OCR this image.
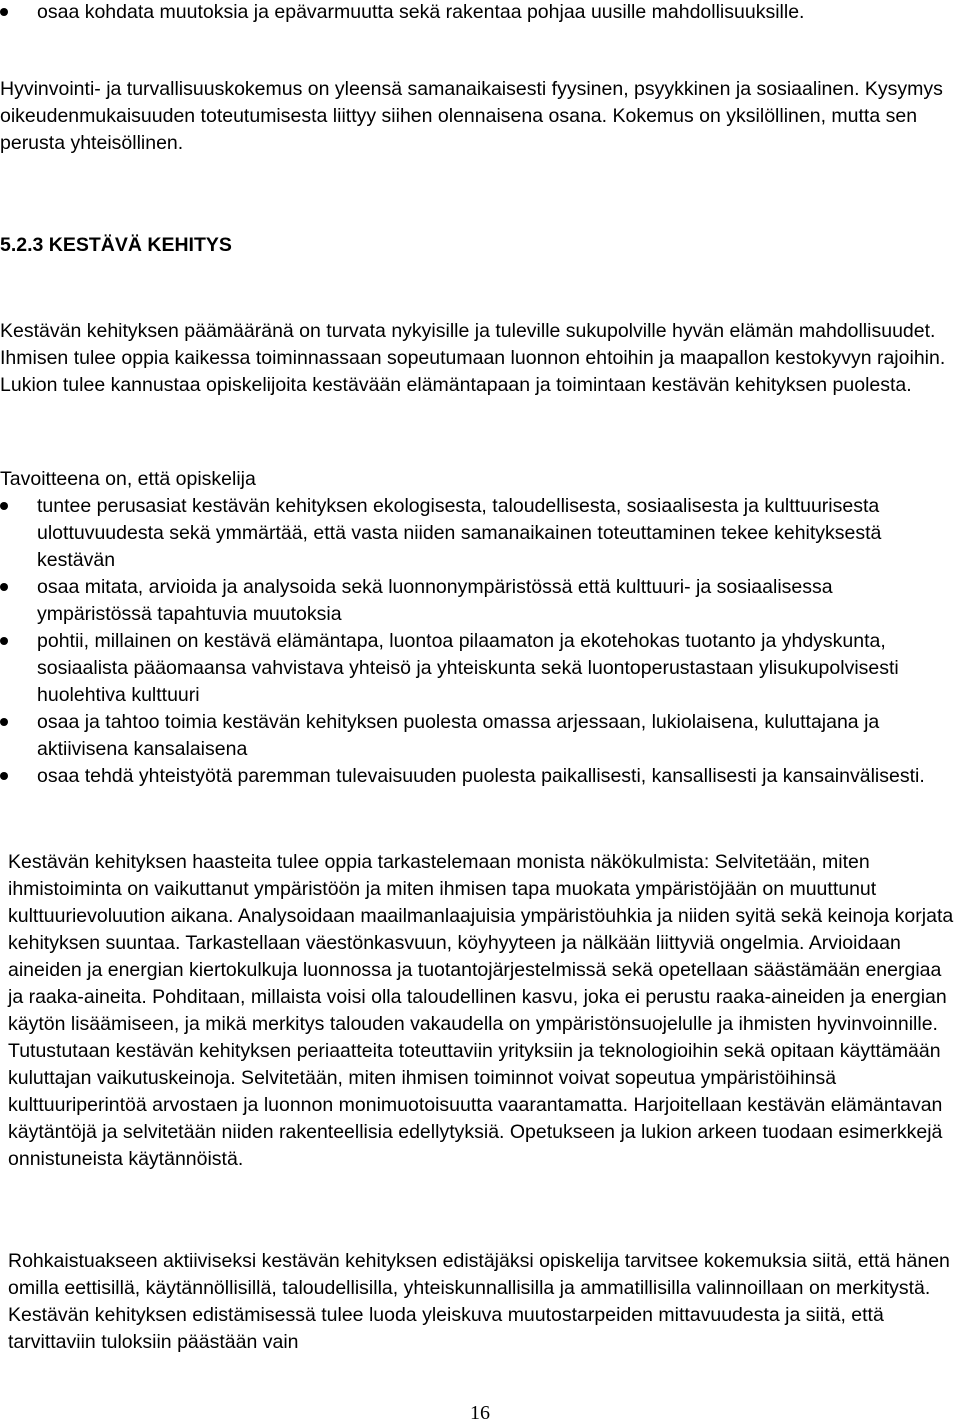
osaa kohdata muutoksia ja epävarmuutta sekä rakentaa pohjaa uusille mahdollisuuksille.
Hyvinvointi- ja turvallisuuskokemus on yleensä samanaikaisesti fyysinen, psyykkinen ja sosiaalinen. Kysymys oikeudenmukaisuuden toteutumisesta liittyy siihen olennaisena osana. Kokemus on yksilöllinen, mutta sen perusta yhteisöllinen.
5.2.3 KESTÄVÄ KEHITYS
Kestävän kehityksen päämääränä on turvata nykyisille ja tuleville sukupolville hyvän elämän mahdollisuudet. Ihmisen tulee oppia kaikessa toiminnassaan sopeutumaan luonnon ehtoihin ja maapallon kestokyvyn rajoihin. Lukion tulee kannustaa opiskelijoita kestävään elämäntapaan ja toimintaan kestävän kehityksen puolesta.
Tavoitteena on, että opiskelija
tuntee perusasiat kestävän kehityksen ekologisesta, taloudellisesta, sosiaalisesta ja kulttuurisesta ulottuvuudesta sekä ymmärtää, että vasta niiden samanaikainen toteuttaminen tekee kehityksestä kestävän
osaa mitata, arvioida ja analysoida sekä luonnonympäristössä että kulttuuri- ja sosiaalisessa ympäristössä tapahtuvia muutoksia
pohtii, millainen on kestävä elämäntapa, luontoa pilaamaton ja ekotehokas tuotanto ja yhdyskunta, sosiaalista pääomaansa vahvistava yhteisö ja yhteiskunta sekä luontoperustastaan ylisukupolvisesti huolehtiva kulttuuri
osaa ja tahtoo toimia kestävän kehityksen puolesta omassa arjessaan, lukiolaisena, kuluttajana ja aktiivisena kansalaisena
osaa tehdä yhteistyötä paremman tulevaisuuden puolesta paikallisesti, kansallisesti ja kansainvälisesti.
Kestävän kehityksen haasteita tulee oppia tarkastelemaan monista näkökulmista: Selvitetään, miten ihmistoiminta on vaikuttanut ympäristöön ja miten ihmisen tapa muokata ympäristöjään on muuttunut kulttuurievoluution aikana. Analysoidaan maailmanlaajuisia ympäristöuhkia ja niiden syitä sekä keinoja korjata kehityksen suuntaa. Tarkastellaan väestönkasvuun, köyhyyteen ja nälkään liittyviä ongelmia. Arvioidaan aineiden ja energian kiertokulkuja luonnossa ja tuotantojärjestelmissä sekä opetellaan säästämään energiaa ja raaka-aineita. Pohditaan, millaista voisi olla taloudellinen kasvu, joka ei perustu raaka-aineiden ja energian käytön lisäämiseen, ja mikä merkitys talouden vakaudella on ympäristönsuojelulle ja ihmisten hyvinvoinnille. Tutustutaan kestävän kehityksen periaatteita toteuttaviin yrityksiin ja teknologioihin sekä opitaan käyttämään kuluttajan vaikutuskeinoja. Selvitetään, miten ihmisen toiminnot voivat sopeutua ympäristöihinsä kulttuuriperintöä arvostaen ja luonnon monimuotoisuutta vaarantamatta. Harjoitellaan kestävän elämäntavan käytäntöjä ja selvitetään niiden rakenteellisia edellytyksiä. Opetukseen ja lukion arkeen tuodaan esimerkkejä onnistuneista käytännöistä.
Rohkaistuakseen aktiiviseksi kestävän kehityksen edistäjäksi opiskelija tarvitsee kokemuksia siitä, että hänen omilla eettisillä, käytännöllisillä, taloudellisilla, yhteiskunnallisilla ja ammatillisilla valinnoillaan on merkitystä. Kestävän kehityksen edistämisessä tulee luoda yleiskuva muutostarpeiden mittavuudesta ja siitä, että tarvittaviin tuloksiin päästään vain
16
